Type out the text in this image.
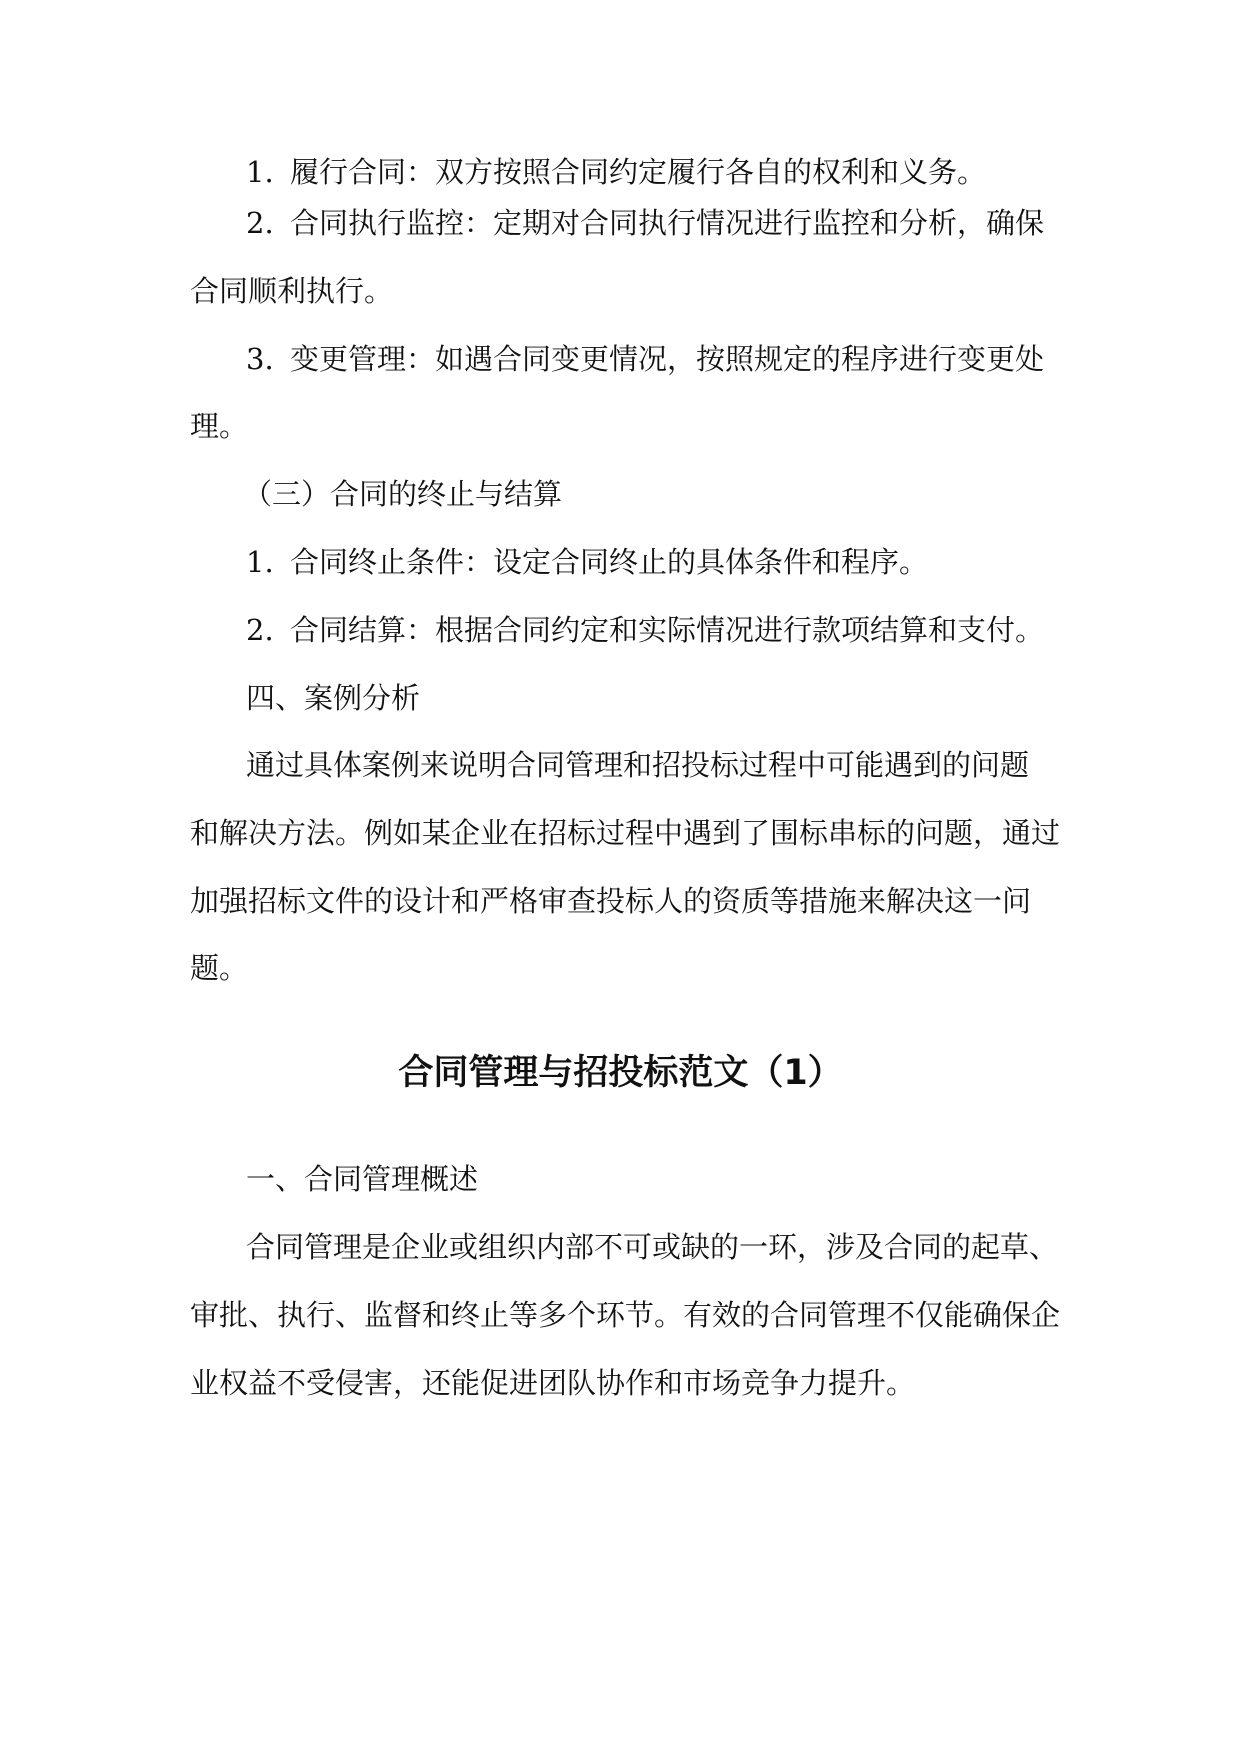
1. 履行合同：双方按照合同约定履行各自的权利和义务。
2. 合同执行监控：定期对合同执行情况进行监控和分析，确保
合同顺利执行。
3. 变更管理：如遇合同变更情况，按照规定的程序进行变更处
理。
（三）合同的终止与结算
1. 合同终止条件：设定合同终止的具体条件和程序。
2. 合同结算：根据合同约定和实际情况进行款项结算和支付。
四、案例分析
通过具体案例来说明合同管理和招投标过程中可能遇到的问题
和解决方法。例如某企业在招标过程中遇到了围标串标的问题，通过
加强招标文件的设计和严格审查投标人的资质等措施来解决这一问
题。
合同管理与招投标范文（1）
一、合同管理概述
合同管理是企业或组织内部不可或缺的一环，涉及合同的起草、
审批、执行、监督和终止等多个环节。有效的合同管理不仅能确保企
业权益不受侵害，还能促进团队协作和市场竞争力提升。
